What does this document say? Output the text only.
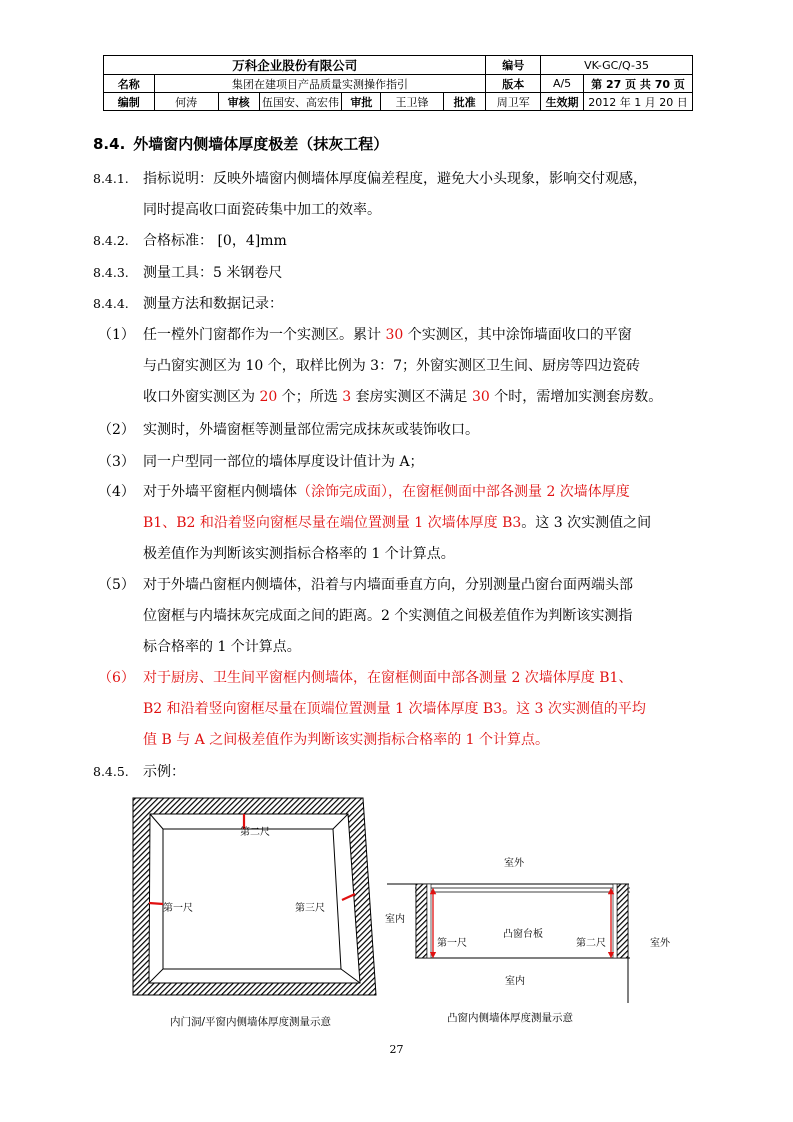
万科企业股份有限公司							编号	VK-GC/Q-35	
名称	集团在建项目产品质量实测操作指引						版本	A/5	第 27 页 共 70 页
编制	何涛	审核	伍国安、高宏伟	审批	王卫锋	批准	周卫军	生效期	2012 年 1 月 20 日
8.4. 外墙窗内侧墙体厚度极差（抹灰工程）
8.4.1. 指标说明：反映外墙窗内侧墙体厚度偏差程度，避免大小头现象，影响交付观感，
同时提高收口面瓷砖集中加工的效率。
8.4.2. 合格标准： [0，4]mm
8.4.3. 测量工具：5 米钢卷尺
8.4.4. 测量方法和数据记录：
（1） 任一樘外门窗都作为一个实测区。累计 30 个实测区，其中涂饰墙面收口的平窗
与凸窗实测区为 10 个，取样比例为 3：7；外窗实测区卫生间、厨房等四边瓷砖
收口外窗实测区为 20 个；所选 3 套房实测区不满足 30 个时，需增加实测套房数。
（2） 实测时，外墙窗框等测量部位需完成抹灰或装饰收口。
（3） 同一户型同一部位的墙体厚度设计值计为 A；
（4） 对于外墙平窗框内侧墙体（涂饰完成面），在窗框侧面中部各测量 2 次墙体厚度
B1、B2 和沿着竖向窗框尽量在端位置测量 1 次墙体厚度 B3。这 3 次实测值之间
极差值作为判断该实测指标合格率的 1 个计算点。
（5） 对于外墙凸窗框内侧墙体，沿着与内墙面垂直方向，分别测量凸窗台面两端头部
位窗框与内墙抹灰完成面之间的距离。2 个实测值之间极差值作为判断该实测指
标合格率的 1 个计算点。
（6） 对于厨房、卫生间平窗框内侧墙体，在窗框侧面中部各测量 2 次墙体厚度 B1、
B2 和沿着竖向窗框尽量在顶端位置测量 1 次墙体厚度 B3。这 3 次实测值的平均
值 B 与 A 之间极差值作为判断该实测指标合格率的 1 个计算点。
8.4.5. 示例：
第二尺
第一尺	第三尺
内门洞/平窗内侧墙体厚度测量示意
室外
室内
凸窗台板
第一尺	第二尺	室外
室内
凸窗内侧墙体厚度测量示意
27
